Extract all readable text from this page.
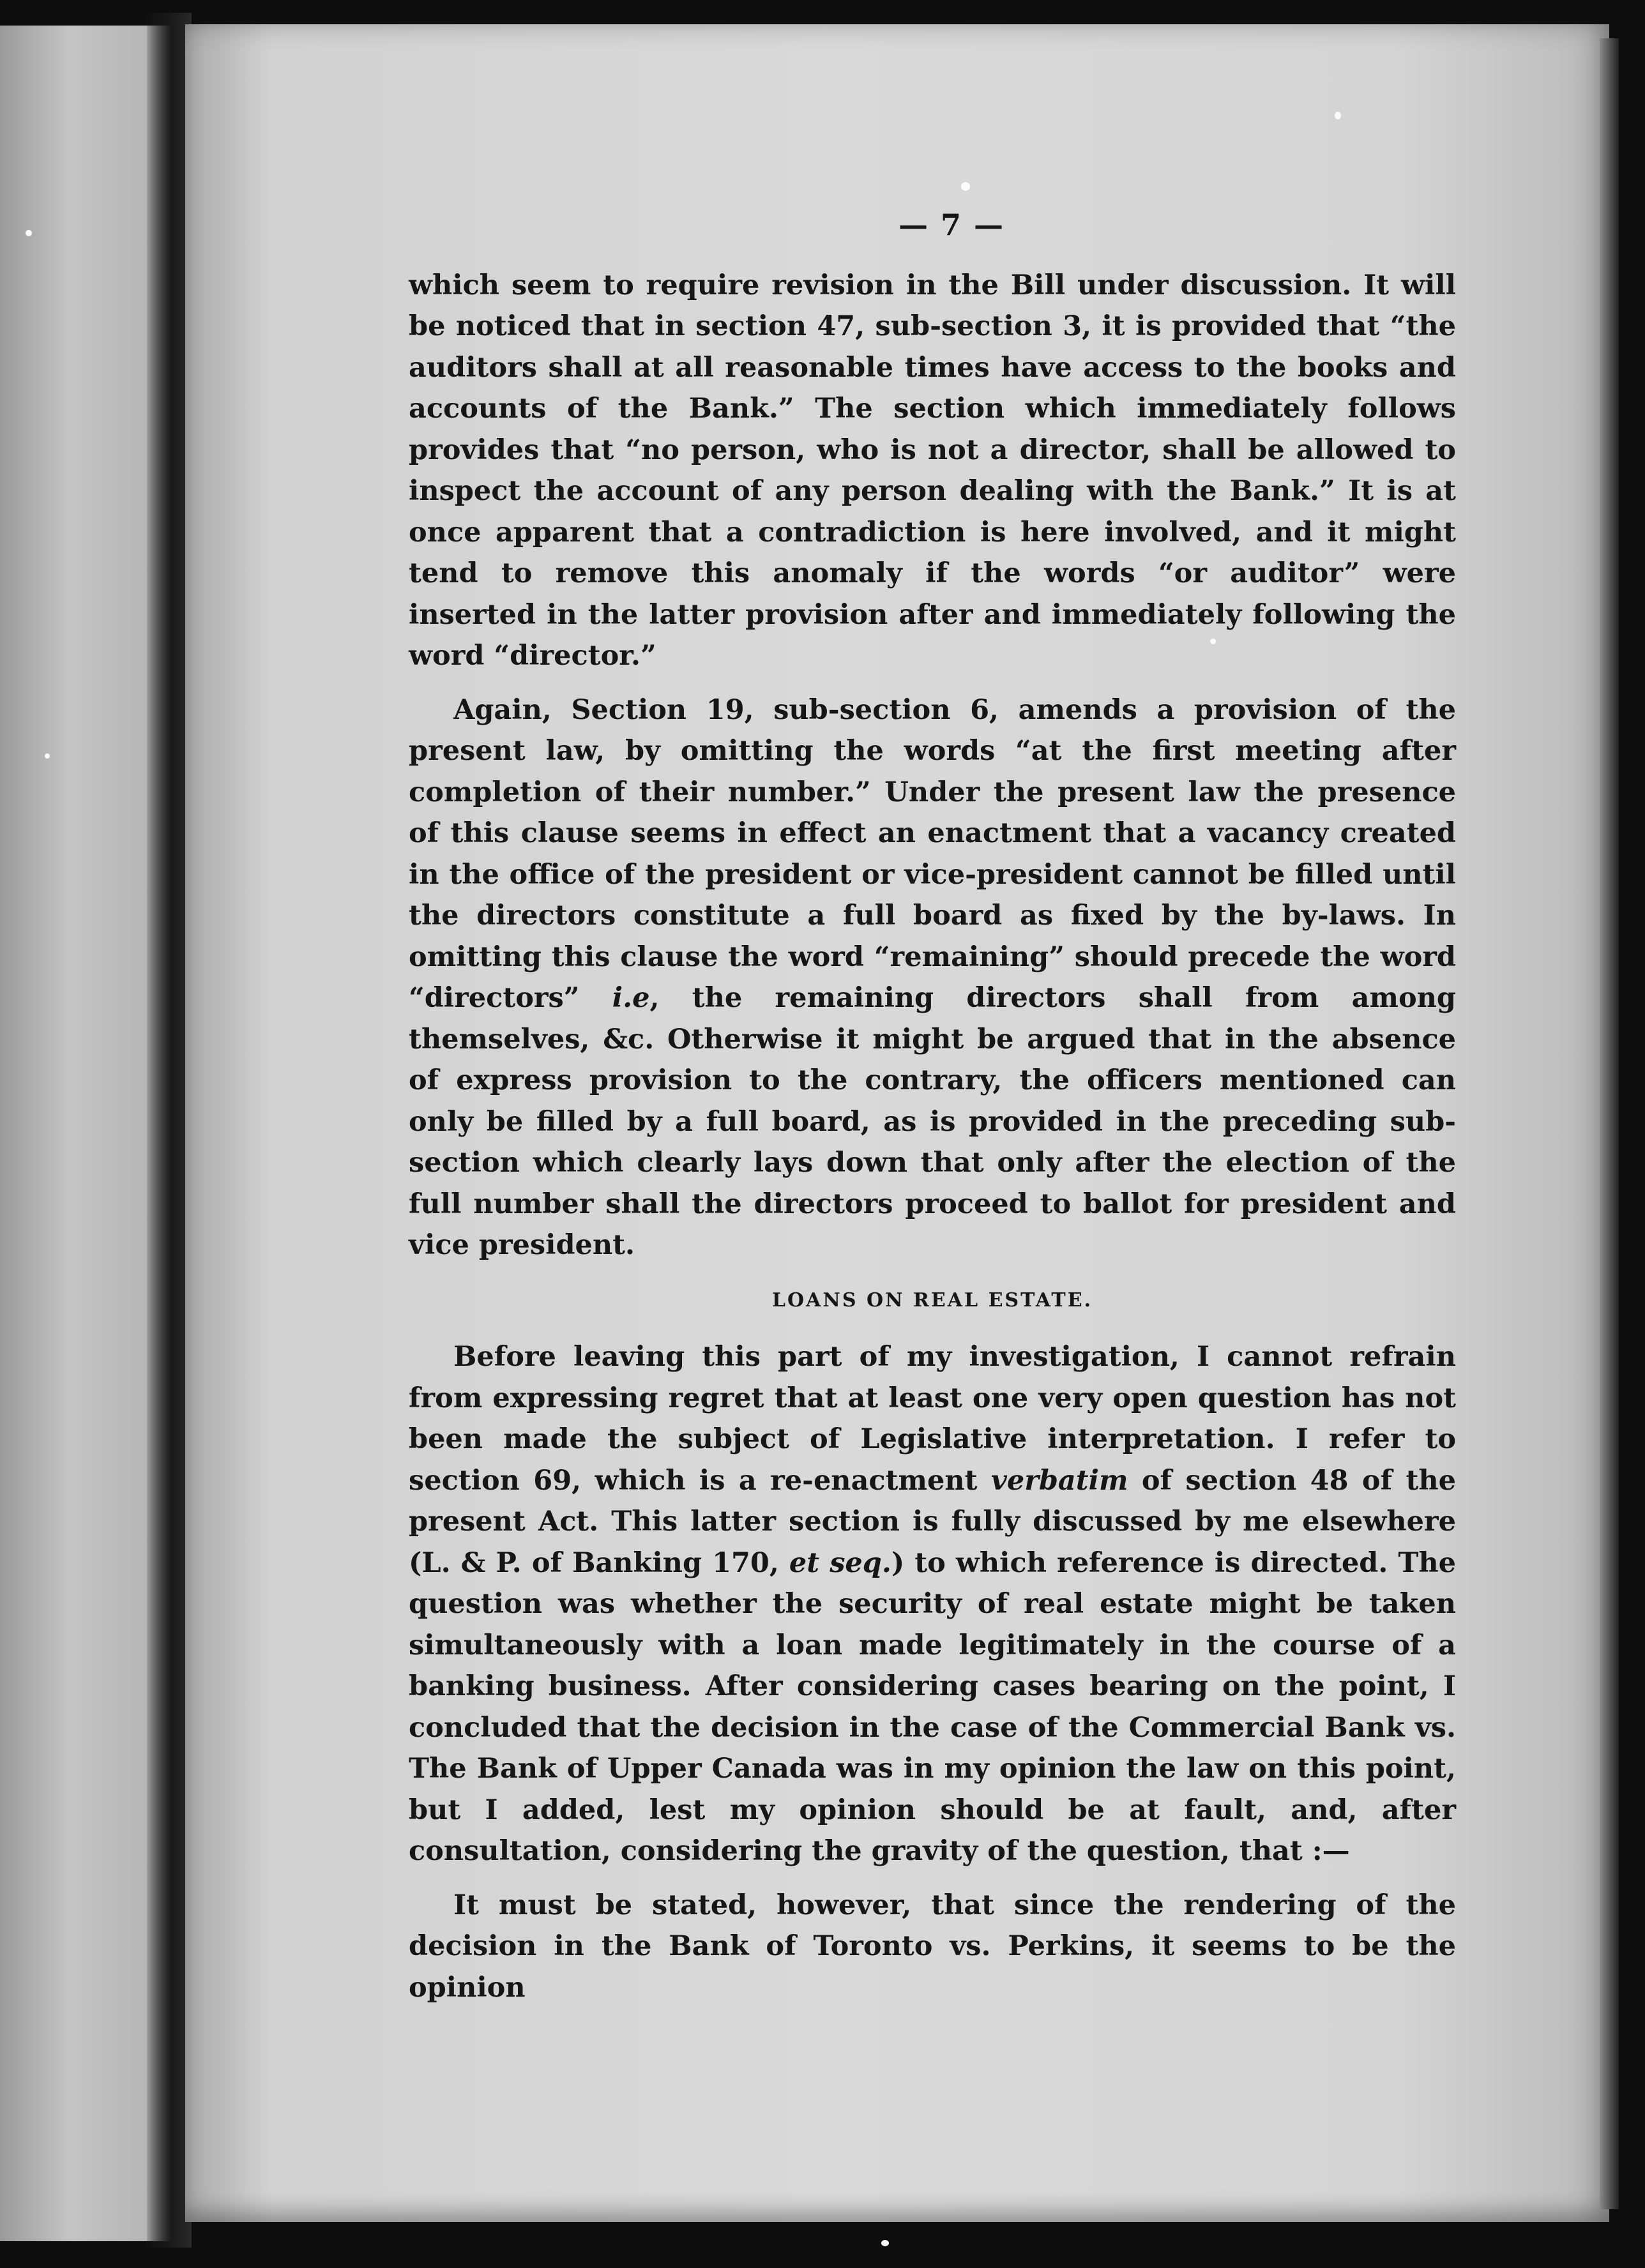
— 7 —

which seem to require revision in the Bill under discussion. It will be noticed that in section 47, sub-section 3, it is provided that “the auditors shall at all reasonable times have access to the books and accounts of the Bank.” The section which immediately follows provides that “no person, who is not a director, shall be allowed to inspect the account of any person dealing with the Bank.” It is at once apparent that a contradiction is here involved, and it might tend to remove this anomaly if the words “or auditor” were inserted in the latter provision after and immediately following the word “director.”

Again, Section 19, sub-section 6, amends a provision of the present law, by omitting the words “at the first meeting after completion of their number.” Under the present law the presence of this clause seems in effect an enactment that a vacancy created in the office of the president or vice-president cannot be filled until the directors constitute a full board as fixed by the by-laws. In omitting this clause the word “remaining” should precede the word “directors” i.e, the remaining directors shall from among themselves, &c. Otherwise it might be argued that in the absence of express provision to the contrary, the officers mentioned can only be filled by a full board, as is provided in the preceding sub-section which clearly lays down that only after the election of the full number shall the directors proceed to ballot for president and vice president.

LOANS ON REAL ESTATE.

Before leaving this part of my investigation, I cannot refrain from expressing regret that at least one very open question has not been made the subject of Legislative interpretation. I refer to section 69, which is a re-enactment verbatim of section 48 of the present Act. This latter section is fully discussed by me elsewhere (L. & P. of Banking 170, et seq.) to which reference is directed. The question was whether the security of real estate might be taken simultaneously with a loan made legitimately in the course of a banking business. After considering cases bearing on the point, I concluded that the decision in the case of the Commercial Bank vs. The Bank of Upper Canada was in my opinion the law on this point, but I added, lest my opinion should be at fault, and, after consultation, considering the gravity of the question, that :—

It must be stated, however, that since the rendering of the decision in the Bank of Toronto vs. Perkins, it seems to be the opinion
